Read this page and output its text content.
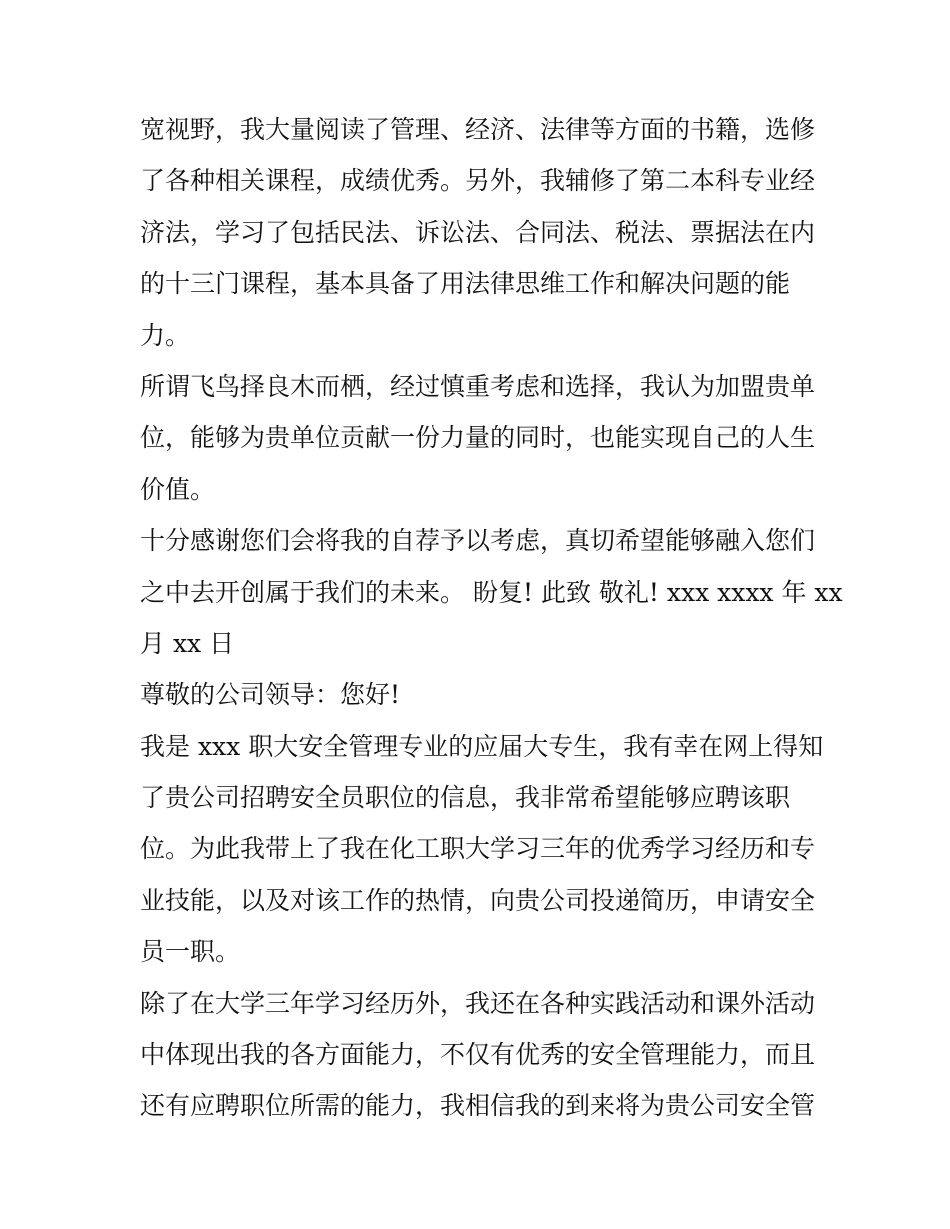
宽视野，我大量阅读了管理、经济、法律等方面的书籍，选修
了各种相关课程，成绩优秀。另外，我辅修了第二本科专业经
济法，学习了包括民法、诉讼法、合同法、税法、票据法在内
的十三门课程，基本具备了用法律思维工作和解决问题的能
力。
所谓飞鸟择良木而栖，经过慎重考虑和选择，我认为加盟贵单
位，能够为贵单位贡献一份力量的同时，也能实现自己的人生
价值。
十分感谢您们会将我的自荐予以考虑，真切希望能够融入您们
之中去开创属于我们的未来。 盼复! 此致 敬礼! xxx xxxx 年 xx
月 xx 日
尊敬的公司领导：您好!
我是 xxx 职大安全管理专业的应届大专生，我有幸在网上得知
了贵公司招聘安全员职位的信息，我非常希望能够应聘该职
位。为此我带上了我在化工职大学习三年的优秀学习经历和专
业技能，以及对该工作的热情，向贵公司投递简历，申请安全
员一职。
除了在大学三年学习经历外，我还在各种实践活动和课外活动
中体现出我的各方面能力，不仅有优秀的安全管理能力，而且
还有应聘职位所需的能力，我相信我的到来将为贵公司安全管
